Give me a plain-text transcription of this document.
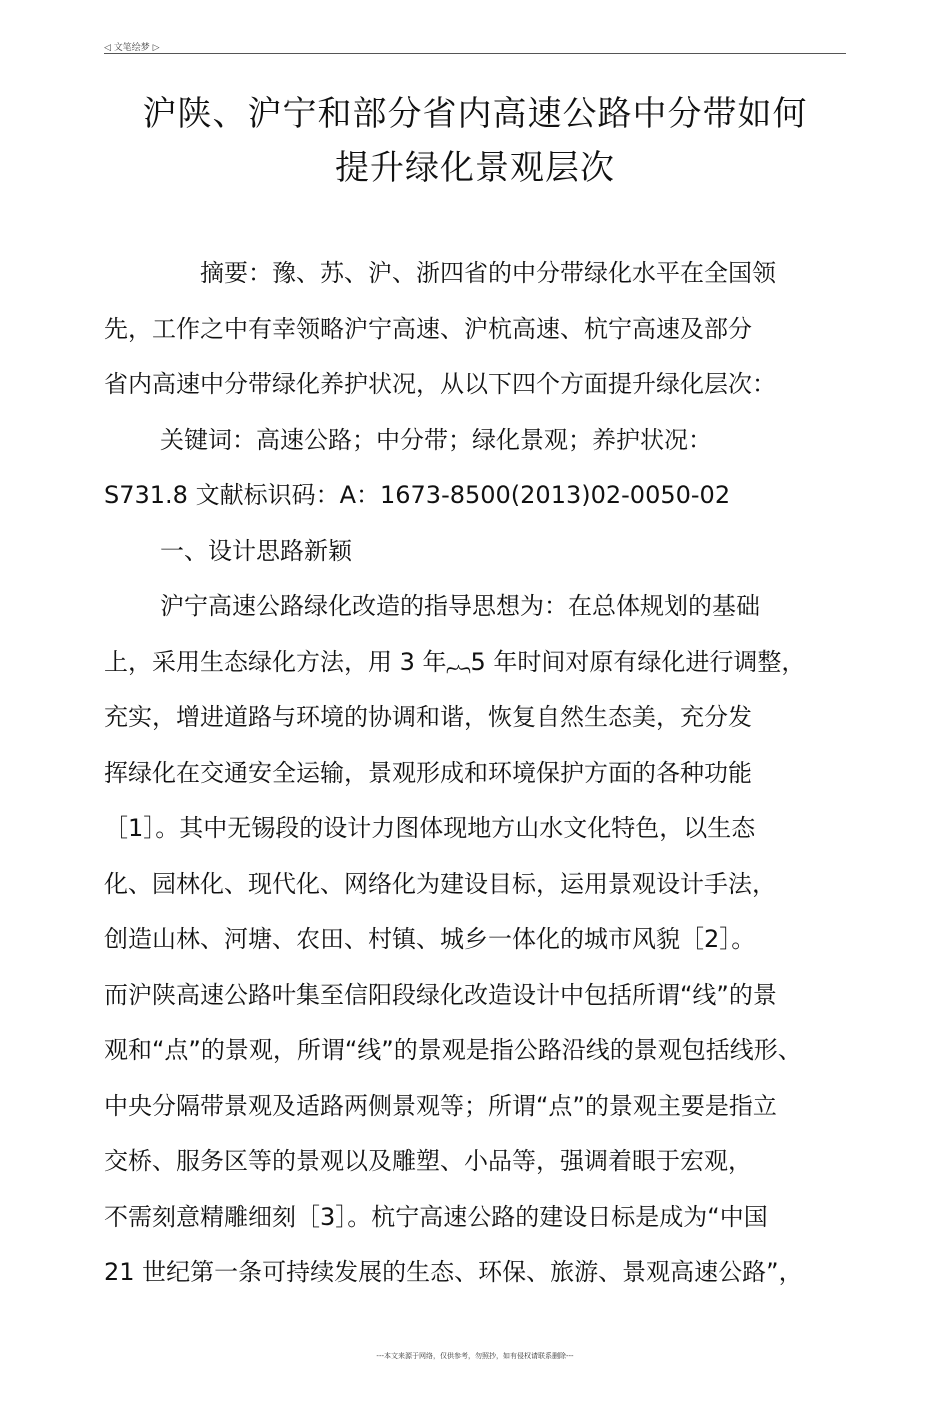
◁ 文笔绘梦 ▷
沪陕、沪宁和部分省内高速公路中分带如何
提升绿化景观层次
摘要：豫、苏、沪、浙四省的中分带绿化水平在全国领
先，工作之中有幸领略沪宁高速、沪杭高速、杭宁高速及部分
省内高速中分带绿化养护状况，从以下四个方面提升绿化层次：
关键词：高速公路；中分带；绿化景观；养护状况：
S731.8 文献标识码：A：1673-8500(2013)02-0050-02
一、设计思路新颖
沪宁高速公路绿化改造的指导思想为：在总体规划的基础
上，采用生态绿化方法，用 3 年︷5 年时间对原有绿化进行调整，
充实，增进道路与环境的协调和谐，恢复自然生态美，充分发
挥绿化在交通安全运输，景观形成和环境保护方面的各种功能
［1］。其中无锡段的设计力图体现地方山水文化特色，以生态
化、园林化、现代化、网络化为建设目标，运用景观设计手法，
创造山林、河塘、农田、村镇、城乡一体化的城市风貌［2］。
而沪陕高速公路叶集至信阳段绿化改造设计中包括所谓“线”的景
观和“点”的景观，所谓“线”的景观是指公路沿线的景观包括线形、
中央分隔带景观及适路两侧景观等；所谓“点”的景观主要是指立
交桥、服务区等的景观以及雕塑、小品等，强调着眼于宏观，
不需刻意精雕细刻［3］。杭宁高速公路的建设日标是成为“中国
21 世纪第一条可持续发展的生态、环保、旅游、景观高速公路”，
---本文来源于网络，仅供参考，勿照抄，如有侵权请联系删除---
